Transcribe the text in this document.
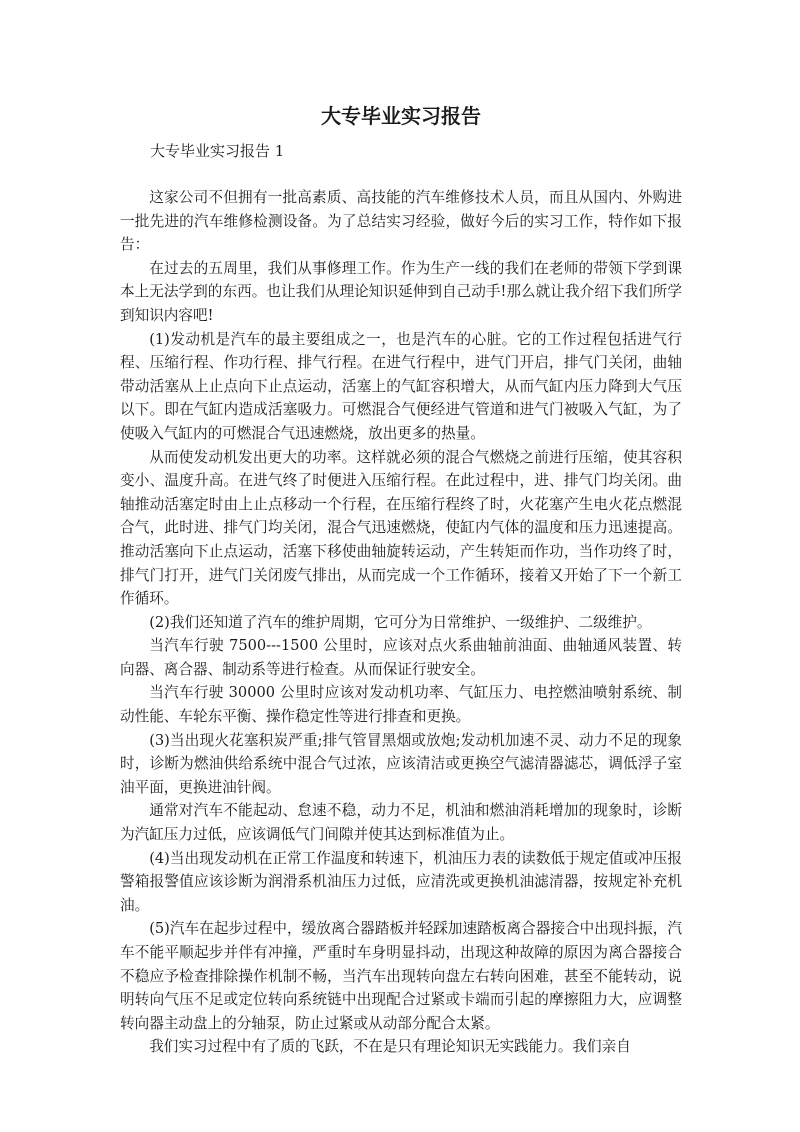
大专毕业实习报告
大专毕业实习报告 1

这家公司不但拥有一批高素质、高技能的汽车维修技术人员，而且从国内、外购进一批先进的汽车维修检测设备。为了总结实习经验，做好今后的实习工作，特作如下报告：

在过去的五周里，我们从事修理工作。作为生产一线的我们在老师的带领下学到课本上无法学到的东西。也让我们从理论知识延伸到自己动手!那么就让我介绍下我们所学到知识内容吧!

(1)发动机是汽车的最主要组成之一，也是汽车的心脏。它的工作过程包括进气行程、压缩行程、作功行程、排气行程。在进气行程中，进气门开启，排气门关闭，曲轴带动活塞从上止点向下止点运动，活塞上的气缸容积增大，从而气缸内压力降到大气压以下。即在气缸内造成活塞吸力。可燃混合气便经进气管道和进气门被吸入气缸，为了使吸入气缸内的可燃混合气迅速燃烧，放出更多的热量。

从而使发动机发出更大的功率。这样就必须的混合气燃烧之前进行压缩，使其容积变小、温度升高。在进气终了时便进入压缩行程。在此过程中，进、排气门均关闭。曲轴推动活塞定时由上止点移动一个行程，在压缩行程终了时，火花塞产生电火花点燃混合气，此时进、排气门均关闭，混合气迅速燃烧，使缸内气体的温度和压力迅速提高。推动活塞向下止点运动，活塞下移使曲轴旋转运动，产生转矩而作功，当作功终了时，排气门打开，进气门关闭废气排出，从而完成一个工作循环，接着又开始了下一个新工作循环。

(2)我们还知道了汽车的维护周期，它可分为日常维护、一级维护、二级维护。

当汽车行驶 7500---1500 公里时，应该对点火系曲轴前油面、曲轴通风装置、转向器、离合器、制动系等进行检查。从而保证行驶安全。

当汽车行驶 30000 公里时应该对发动机功率、气缸压力、电控燃油喷射系统、制动性能、车轮东平衡、操作稳定性等进行排查和更换。

(3)当出现火花塞积炭严重;排气管冒黑烟或放炮;发动机加速不灵、动力不足的现象时，诊断为燃油供给系统中混合气过浓，应该清洁或更换空气滤清器滤芯，调低浮子室油平面，更换进油针阀。

通常对汽车不能起动、怠速不稳，动力不足，机油和燃油消耗增加的现象时，诊断为汽缸压力过低，应该调低气门间隙并使其达到标准值为止。

(4)当出现发动机在正常工作温度和转速下，机油压力表的读数低于规定值或冲压报警箱报警值应该诊断为润滑系机油压力过低，应清洗或更换机油滤清器，按规定补充机油。

(5)汽车在起步过程中，缓放离合器踏板并轻踩加速踏板离合器接合中出现抖振，汽车不能平顺起步并伴有冲撞，严重时车身明显抖动，出现这种故障的原因为离合器接合不稳应予检查排除操作机制不畅，当汽车出现转向盘左右转向困难，甚至不能转动，说明转向气压不足或定位转向系统链中出现配合过紧或卡端而引起的摩擦阻力大，应调整转向器主动盘上的分轴泵，防止过紧或从动部分配合太紧。

我们实习过程中有了质的飞跃，不在是只有理论知识无实践能力。我们亲自
